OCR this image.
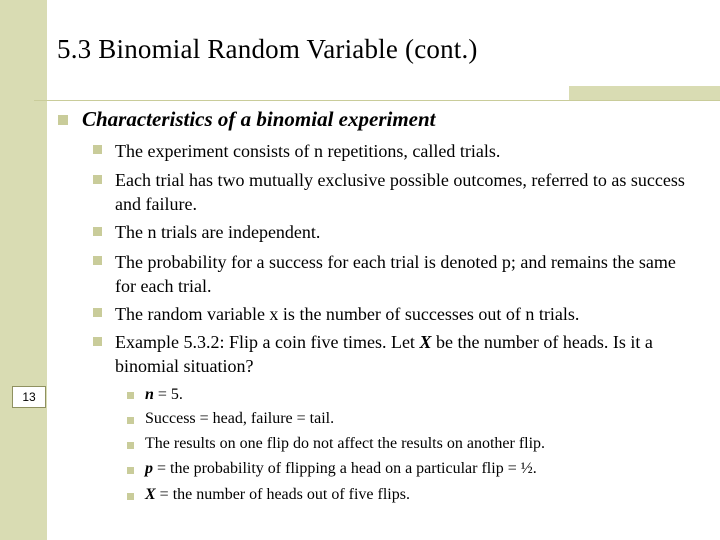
5.3 Binomial Random Variable (cont.)
13
Characteristics of a binomial experiment
The experiment consists of n repetitions, called trials.
Each trial has two mutually exclusive possible outcomes, referred to as success and failure.
The n trials are independent.
The probability for a success for each trial is denoted p; and remains the same for each trial.
The random variable x is the number of successes out of n trials.
Example 5.3.2: Flip a coin five times. Let X be the number of heads. Is it a binomial situation?
n = 5.
Success = head, failure = tail.
The results on one flip do not affect the results on another flip.
p = the probability of flipping a head on a particular flip = ½.
X = the number of heads out of five flips.
